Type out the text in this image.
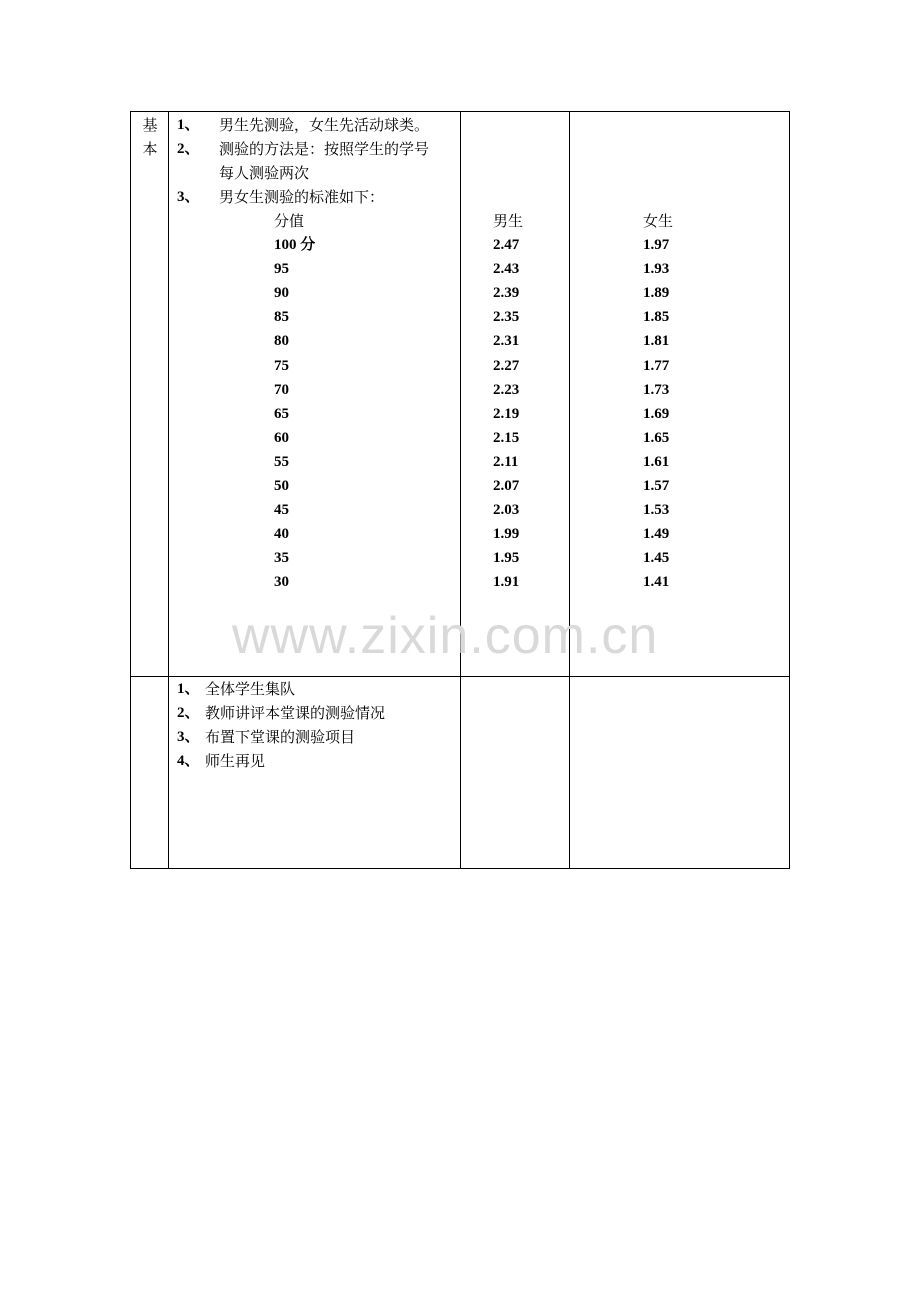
基
本
1、 男生先测验，女生先活动球类。
2、 测验的方法是：按照学生的学号
每人测验两次
3、 男女生测验的标准如下：
分值	男生	女生
100 分	2.47	1.97
95	2.43	1.93
90	2.39	1.89
85	2.35	1.85
80	2.31	1.81
75	2.27	1.77
70	2.23	1.73
65	2.19	1.69
60	2.15	1.65
55	2.11	1.61
50	2.07	1.57
45	2.03	1.53
40	1.99	1.49
35	1.95	1.45
30	1.91	1.41
1、 全体学生集队
2、 教师讲评本堂课的测验情况
3、 布置下堂课的测验项目
4、 师生再见
www.zixin.com.cn
